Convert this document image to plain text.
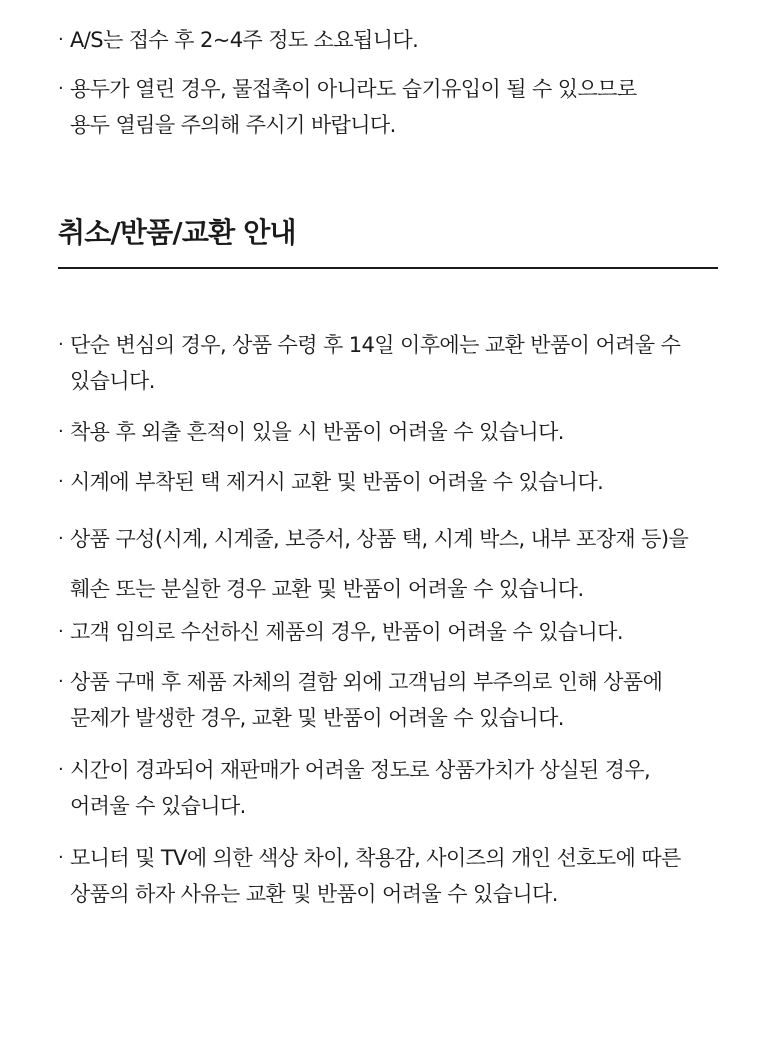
· A/S는 접수 후 2~4주 정도 소요됩니다.
· 용두가 열린 경우, 물접촉이 아니라도 습기유입이 될 수 있으므로
용두 열림을 주의해 주시기 바랍니다.
취소/반품/교환 안내
· 단순 변심의 경우, 상품 수령 후 14일 이후에는 교환 반품이 어려울 수
있습니다.
· 착용 후 외출 흔적이 있을 시 반품이 어려울 수 있습니다.
· 시계에 부착된 택 제거시 교환 및 반품이 어려울 수 있습니다.
· 상품 구성(시계, 시계줄, 보증서, 상품 택, 시계 박스, 내부 포장재 등)을
훼손 또는 분실한 경우 교환 및 반품이 어려울 수 있습니다.
· 고객 임의로 수선하신 제품의 경우, 반품이 어려울 수 있습니다.
· 상품 구매 후 제품 자체의 결함 외에 고객님의 부주의로 인해 상품에
문제가 발생한 경우, 교환 및 반품이 어려울 수 있습니다.
· 시간이 경과되어 재판매가 어려울 정도로 상품가치가 상실된 경우,
어려울 수 있습니다.
· 모니터 및 TV에 의한 색상 차이, 착용감, 사이즈의 개인 선호도에 따른
상품의 하자 사유는 교환 및 반품이 어려울 수 있습니다.
